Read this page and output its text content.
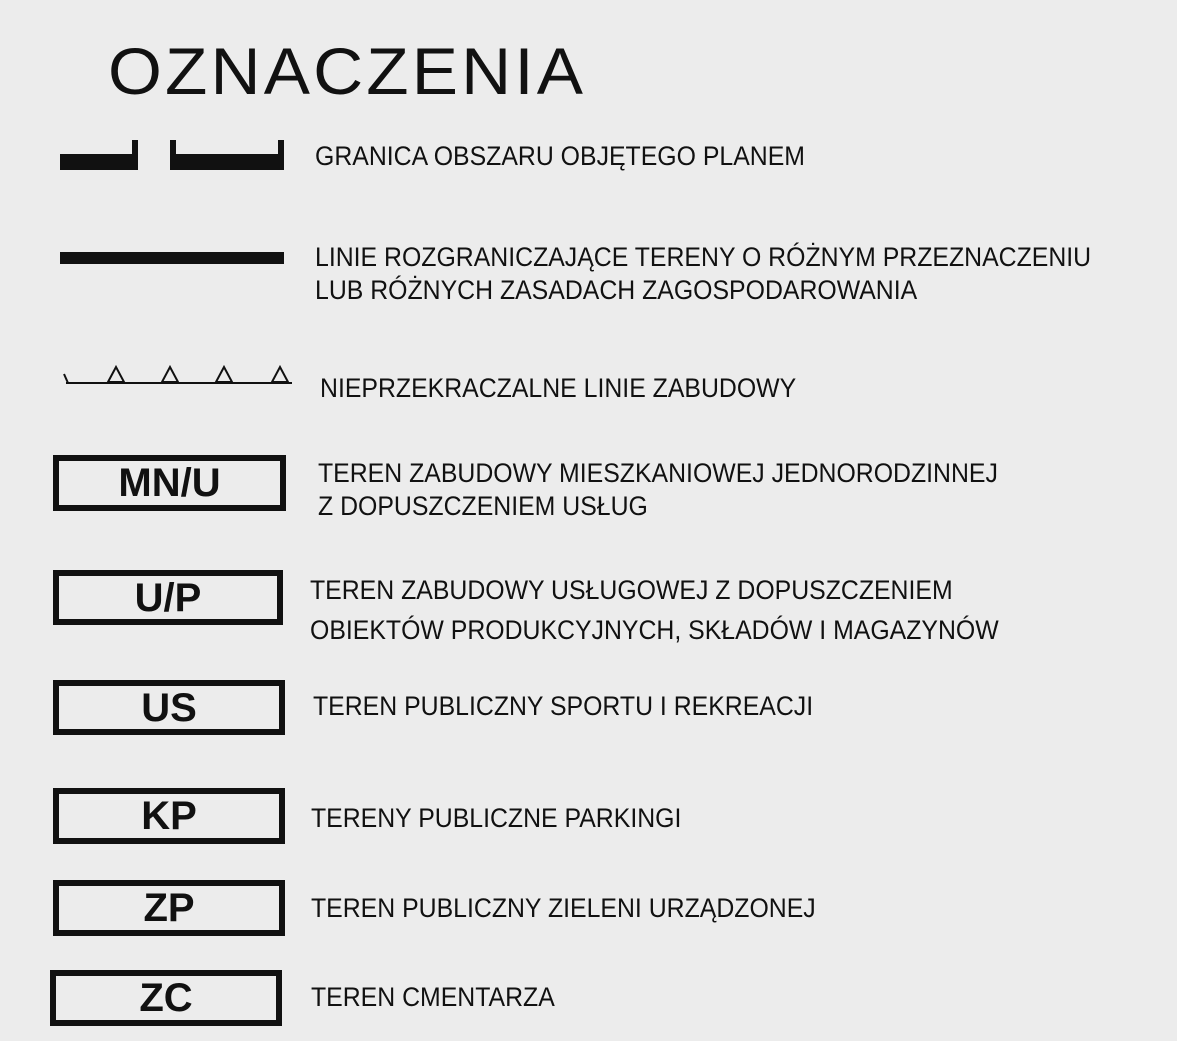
OZNACZENIA
GRANICA OBSZARU OBJĘTEGO PLANEM
LINIE ROZGRANICZAJĄCE TERENY O RÓŻNYM PRZEZNACZENIU
LUB RÓŻNYCH ZASADACH ZAGOSPODAROWANIA
NIEPRZEKRACZALNE LINIE ZABUDOWY
MN/U	TEREN ZABUDOWY MIESZKANIOWEJ JEDNORODZINNEJ
Z DOPUSZCZENIEM USŁUG
U/P	TEREN ZABUDOWY USŁUGOWEJ Z DOPUSZCZENIEM
OBIEKTÓW PRODUKCYJNYCH, SKŁADÓW I MAGAZYNÓW
US	TEREN PUBLICZNY SPORTU I REKREACJI
KP	TERENY PUBLICZNE PARKINGI
ZP	TEREN PUBLICZNY ZIELENI URZĄDZONEJ
ZC	TEREN CMENTARZA
